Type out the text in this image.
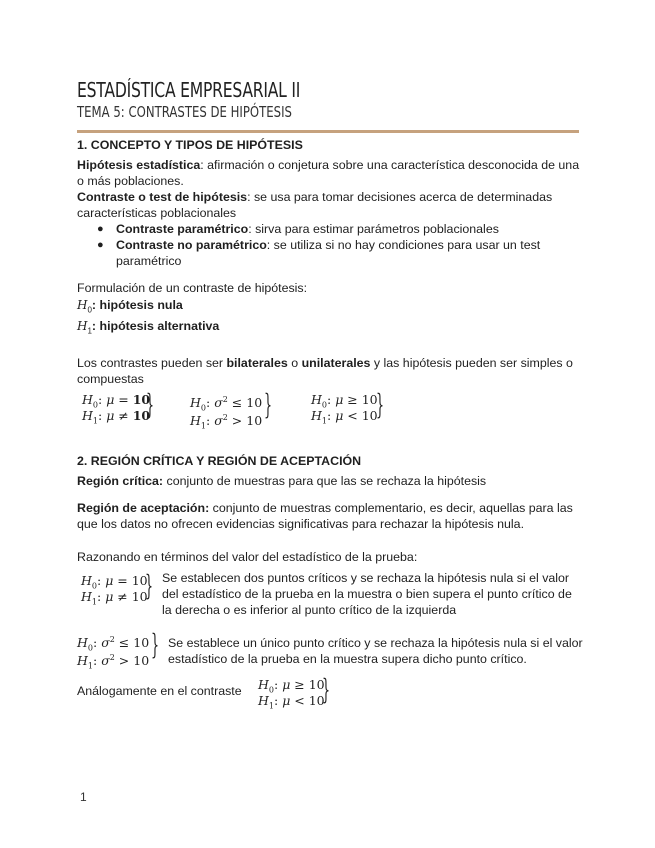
ESTADÍSTICA EMPRESARIAL II
TEMA 5: CONTRASTES DE HIPÓTESIS
1. CONCEPTO Y TIPOS DE HIPÓTESIS
Hipótesis estadística: afirmación o conjetura sobre una característica desconocida de una
o más poblaciones.
Contraste o test de hipótesis: se usa para tomar decisiones acerca de determinadas
características poblacionales
● Contraste paramétrico: sirva para estimar parámetros poblacionales
● Contraste no paramétrico: se utiliza si no hay condiciones para usar un test
paramétrico
Formulación de un contraste de hipótesis:
$H_0$: hipótesis nula
$H_1$: hipótesis alternativa
Los contrastes pueden ser bilaterales o unilaterales y las hipótesis pueden ser simples o
compuestas
$H_0$: μ = 10
$H_1$: μ ≠ 10
}	$H_0$: $\sigma^2 \le 10$
$H_1$: $\sigma^2 > 10$ }	$H_0$: μ ≥ 10
$H_1$: μ < 10
}
2. REGIÓN CRÍTICA Y REGIÓN DE ACEPTACIÓN
Región crítica: conjunto de muestras para que las se rechaza la hipótesis
Región de aceptación: conjunto de muestras complementario, es decir, aquellas para las
que los datos no ofrecen evidencias significativas para rechazar la hipótesis nula.
Razonando en términos del valor del estadístico de la prueba:
$H_0$: μ = 10
$H_1$: μ ≠ 10
} Se establecen dos puntos críticos y se rechaza la hipótesis nula si el valor
del estadístico de la prueba en la muestra o bien supera el punto crítico de
la derecha o es inferior al punto crítico de la izquierda
$H_0$: $\sigma^2 \le 10$
$H_1$: $\sigma^2 > 10$ } Se establece un único punto crítico y se rechaza la hipótesis nula si el valor
estadístico de la prueba en la muestra supera dicho punto crítico.
Análogamente en el contraste $H_0$: μ ≥ 10
$H_1$: μ < 10
}
1
